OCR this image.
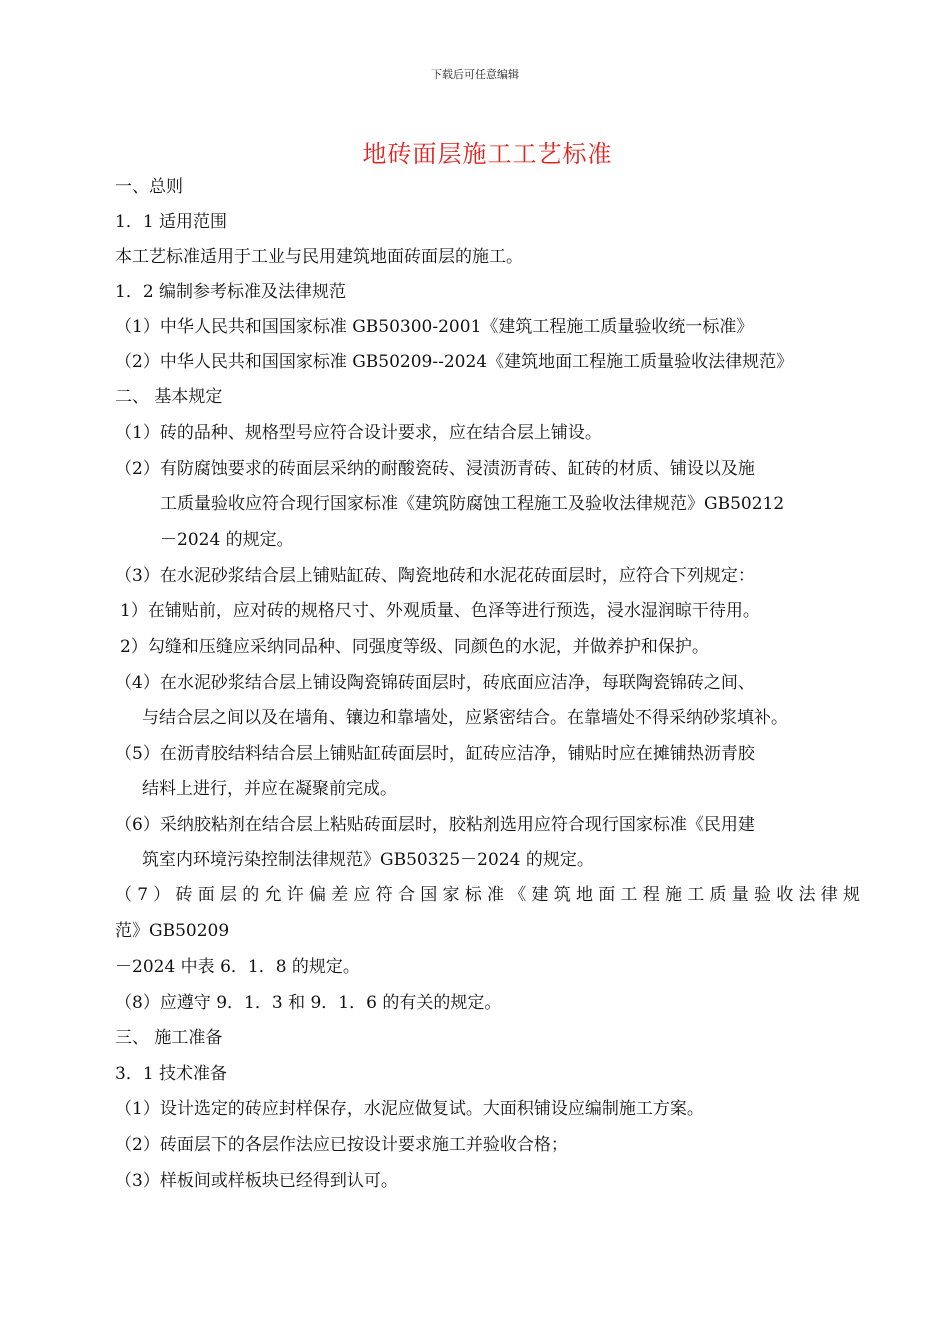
下载后可任意编辑
地砖面层施工工艺标准
一、总则
1．1 适用范围
本工艺标准适用于工业与民用建筑地面砖面层的施工。
1．2 编制参考标准及法律规范
（1）中华人民共和国国家标准 GB50300-2001《建筑工程施工质量验收统一标准》
（2）中华人民共和国国家标准 GB50209--2024《建筑地面工程施工质量验收法律规范》
二、 基本规定
（1）砖的品种、规格型号应符合设计要求，应在结合层上铺设。
（2）有防腐蚀要求的砖面层采纳的耐酸瓷砖、浸渍沥青砖、缸砖的材质、铺设以及施
工质量验收应符合现行国家标准《建筑防腐蚀工程施工及验收法律规范》GB50212
－2024 的规定。
（3）在水泥砂浆结合层上铺贴缸砖、陶瓷地砖和水泥花砖面层时，应符合下列规定：
1）在铺贴前，应对砖的规格尺寸、外观质量、色泽等进行预选，浸水湿润晾干待用。
2）勾缝和压缝应采纳同品种、同强度等级、同颜色的水泥，并做养护和保护。
（4）在水泥砂浆结合层上铺设陶瓷锦砖面层时，砖底面应洁净，每联陶瓷锦砖之间、
与结合层之间以及在墙角、镶边和靠墙处，应紧密结合。在靠墙处不得采纳砂浆填补。
（5）在沥青胶结料结合层上铺贴缸砖面层时，缸砖应洁净，铺贴时应在摊铺热沥青胶
结料上进行，并应在凝聚前完成。
（6）采纳胶粘剂在结合层上粘贴砖面层时，胶粘剂选用应符合现行国家标准《民用建
筑室内环境污染控制法律规范》GB50325－2024 的规定。
（7）砖面层的允许偏差应符合国家标准《建筑地面工程施工质量验收法律规
范》GB50209
－2024 中表 6．1．8 的规定。
（8）应遵守 9．1．3 和 9．1．6 的有关的规定。
三、 施工准备
3．1 技术准备
（1）设计选定的砖应封样保存，水泥应做复试。大面积铺设应编制施工方案。
（2）砖面层下的各层作法应已按设计要求施工并验收合格；
（3）样板间或样板块已经得到认可。
